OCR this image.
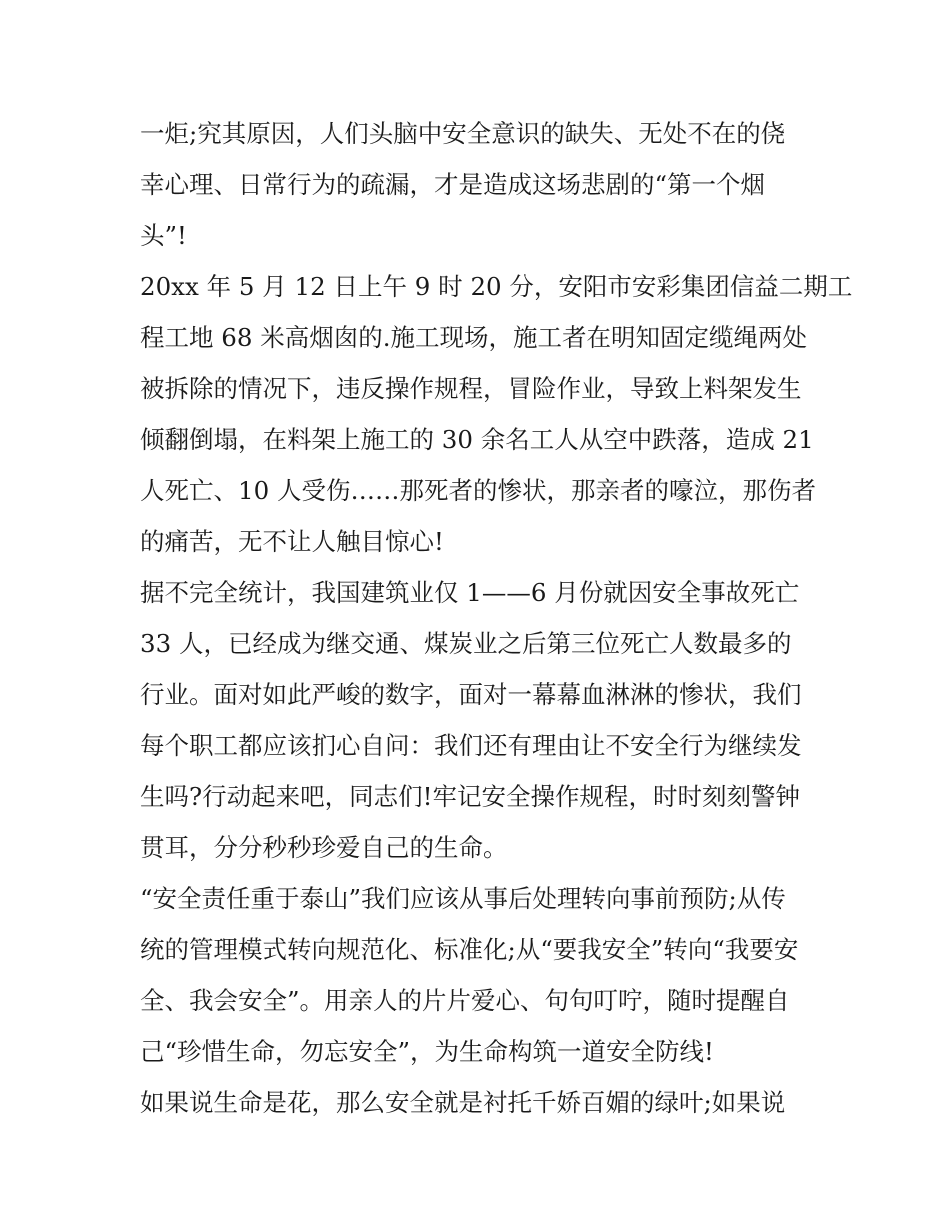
一炬;究其原因，人们头脑中安全意识的缺失、无处不在的侥
幸心理、日常行为的疏漏，才是造成这场悲剧的“第一个烟
头”!
20xx 年 5 月 12 日上午 9 时 20 分，安阳市安彩集团信益二期工
程工地 68 米高烟囱的.施工现场，施工者在明知固定缆绳两处
被拆除的情况下，违反操作规程，冒险作业，导致上料架发生
倾翻倒塌，在料架上施工的 30 余名工人从空中跌落，造成 21
人死亡、10 人受伤……那死者的惨状，那亲者的嚎泣，那伤者
的痛苦，无不让人触目惊心!
据不完全统计，我国建筑业仅 1——6 月份就因安全事故死亡
33 人，已经成为继交通、煤炭业之后第三位死亡人数最多的
行业。面对如此严峻的数字，面对一幕幕血淋淋的惨状，我们
每个职工都应该扪心自问：我们还有理由让不安全行为继续发
生吗?行动起来吧，同志们!牢记安全操作规程，时时刻刻警钟
贯耳，分分秒秒珍爱自己的生命。
“安全责任重于泰山”我们应该从事后处理转向事前预防;从传
统的管理模式转向规范化、标准化;从“要我安全”转向“我要安
全、我会安全”。用亲人的片片爱心、句句叮咛，随时提醒自
己“珍惜生命，勿忘安全”，为生命构筑一道安全防线!
如果说生命是花，那么安全就是衬托千娇百媚的绿叶;如果说
